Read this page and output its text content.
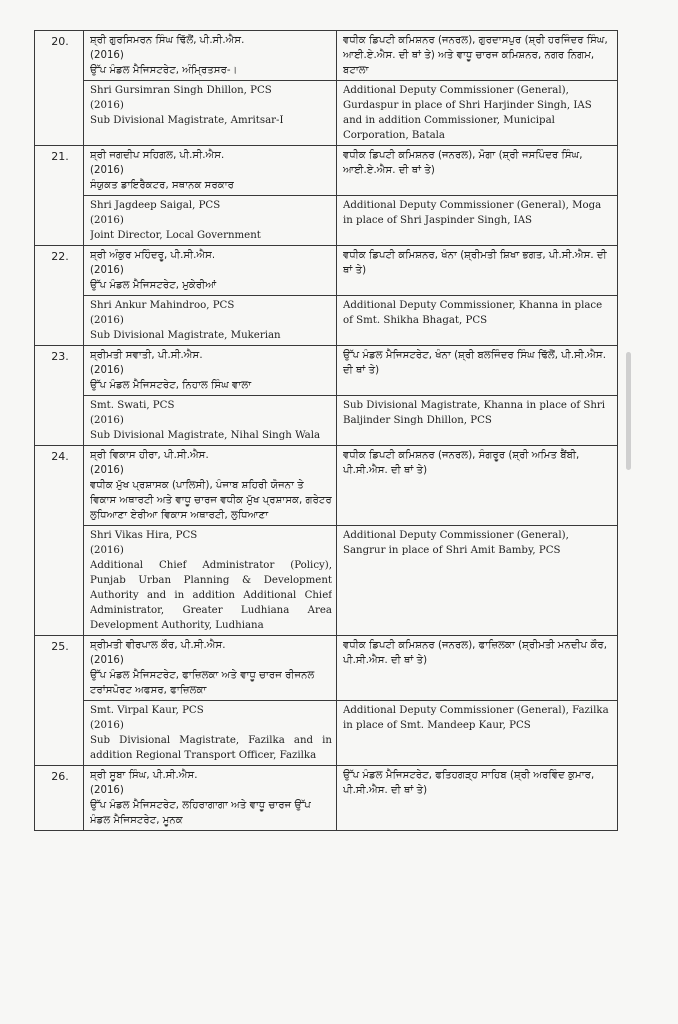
20.	ਸ਼੍ਰੀ ਗੁਰਸਿਮਰਨ ਸਿੰਘ ਢਿੱਲੋਂ, ਪੀ.ਸੀ.ਐਸ.
(2016)
ਉੱਪ ਮੰਡਲ ਮੈਜਿਸਟਰੇਟ, ਅੰਮ੍ਰਿਤਸਰ-।	ਵਧੀਕ ਡਿਪਟੀ ਕਮਿਸ਼ਨਰ (ਜਨਰਲ), ਗੁਰਦਾਸਪੁਰ (ਸ਼੍ਰੀ ਹਰਜਿੰਦਰ ਸਿੰਘ, ਆਈ.ਏ.ਐਸ. ਦੀ ਥਾਂ ਤੇ) ਅਤੇ ਵਾਧੂ ਚਾਰਜ ਕਮਿਸ਼ਨਰ, ਨਗਰ ਨਿਗਮ, ਬਟਾਲਾ

	Shri Gursimran Singh Dhillon, PCS
(2016)
Sub Divisional Magistrate, Amritsar-I	Additional Deputy Commissioner (General), Gurdaspur in place of Shri Harjinder Singh, IAS and in addition Commissioner, Municipal Corporation, Batala

21.	ਸ਼੍ਰੀ ਜਗਦੀਪ ਸਹਿਗਲ, ਪੀ.ਸੀ.ਐਸ.
(2016)
ਸੰਯੁਕਤ ਡਾਇਰੈਕਟਰ, ਸਥਾਨਕ ਸਰਕਾਰ	ਵਧੀਕ ਡਿਪਟੀ ਕਮਿਸ਼ਨਰ (ਜਨਰਲ), ਮੋਗਾ (ਸ਼੍ਰੀ ਜਸਪਿੰਦਰ ਸਿੰਘ, ਆਈ.ਏ.ਐਸ. ਦੀ ਥਾਂ ਤੇ)

	Shri Jagdeep Saigal, PCS
(2016)
Joint Director, Local Government	Additional Deputy Commissioner (General), Moga in place of Shri Jaspinder Singh, IAS

22.	ਸ਼੍ਰੀ ਅੰਕੁਰ ਮਹਿੰਦਰੂ, ਪੀ.ਸੀ.ਐਸ.
(2016)
ਉੱਪ ਮੰਡਲ ਮੈਜਿਸਟਰੇਟ, ਮੁਕੇਰੀਆਂ	ਵਧੀਕ ਡਿਪਟੀ ਕਮਿਸ਼ਨਰ, ਖੰਨਾ (ਸ਼੍ਰੀਮਤੀ ਸ਼ਿਖਾ ਭਗਤ, ਪੀ.ਸੀ.ਐਸ. ਦੀ ਥਾਂ ਤੇ)

	Shri Ankur Mahindroo, PCS
(2016)
Sub Divisional Magistrate, Mukerian	Additional Deputy Commissioner, Khanna in place of Smt. Shikha Bhagat, PCS

23.	ਸ਼੍ਰੀਮਤੀ ਸਵਾਤੀ, ਪੀ.ਸੀ.ਐਸ.
(2016)
ਉੱਪ ਮੰਡਲ ਮੈਜਿਸਟਰੇਟ, ਨਿਹਾਲ ਸਿੰਘ ਵਾਲਾ	ਉੱਪ ਮੰਡਲ ਮੈਜਿਸਟਰੇਟ, ਖੰਨਾ (ਸ਼੍ਰੀ ਬਲਜਿੰਦਰ ਸਿੰਘ ਢਿੱਲੋਂ, ਪੀ.ਸੀ.ਐਸ. ਦੀ ਥਾਂ ਤੇ)

	Smt. Swati, PCS
(2016)
Sub Divisional Magistrate, Nihal Singh Wala	Sub Divisional Magistrate, Khanna in place of Shri Baljinder Singh Dhillon, PCS

24.	ਸ਼੍ਰੀ ਵਿਕਾਸ ਹੀਰਾ, ਪੀ.ਸੀ.ਐਸ.
(2016)
ਵਧੀਕ ਮੁੱਖ ਪ੍ਰਸ਼ਾਸਕ (ਪਾਲਿਸੀ), ਪੰਜਾਬ ਸ਼ਹਿਰੀ ਯੋਜਨਾ ਤੇ ਵਿਕਾਸ ਅਥਾਰਟੀ ਅਤੇ ਵਾਧੂ ਚਾਰਜ ਵਧੀਕ ਮੁੱਖ ਪ੍ਰਸ਼ਾਸਕ, ਗਰੇਟਰ ਲੁਧਿਆਣਾ ਏਰੀਆ ਵਿਕਾਸ ਅਥਾਰਟੀ, ਲੁਧਿਆਣਾ	ਵਧੀਕ ਡਿਪਟੀ ਕਮਿਸ਼ਨਰ (ਜਨਰਲ), ਸੰਗਰੂਰ (ਸ਼੍ਰੀ ਅਮਿਤ ਬੈਂਬੀ, ਪੀ.ਸੀ.ਐਸ. ਦੀ ਥਾਂ ਤੇ)

	Shri Vikas Hira, PCS
(2016)
Additional Chief Administrator (Policy), Punjab Urban Planning & Development Authority and in addition Additional Chief Administrator, Greater Ludhiana Area Development Authority, Ludhiana	Additional Deputy Commissioner (General), Sangrur in place of Shri Amit Bamby, PCS

25.	ਸ਼੍ਰੀਮਤੀ ਵੀਰਪਾਲ ਕੌਰ, ਪੀ.ਸੀ.ਐਸ.
(2016)
ਉੱਪ ਮੰਡਲ ਮੈਜਿਸਟਰੇਟ, ਫਾਜ਼ਿਲਕਾ ਅਤੇ ਵਾਧੂ ਚਾਰਜ ਰੀਜਨਲ ਟਰਾਂਸਪੋਰਟ ਅਫਸਰ, ਫਾਜ਼ਿਲਕਾ	ਵਧੀਕ ਡਿਪਟੀ ਕਮਿਸ਼ਨਰ (ਜਨਰਲ), ਫਾਜ਼ਿਲਕਾ (ਸ਼੍ਰੀਮਤੀ ਮਨਦੀਪ ਕੌਰ, ਪੀ.ਸੀ.ਐਸ. ਦੀ ਥਾਂ ਤੇ)

	Smt. Virpal Kaur, PCS
(2016)
Sub Divisional Magistrate, Fazilka and in addition Regional Transport Officer, Fazilka	Additional Deputy Commissioner (General), Fazilka in place of Smt. Mandeep Kaur, PCS

26.	ਸ਼੍ਰੀ ਸੂਬਾ ਸਿੰਘ, ਪੀ.ਸੀ.ਐਸ.
(2016)
ਉੱਪ ਮੰਡਲ ਮੈਜਿਸਟਰੇਟ, ਲਹਿਰਾਗਾਗਾ ਅਤੇ ਵਾਧੂ ਚਾਰਜ ਉੱਪ ਮੰਡਲ ਮੈਜਿਸਟਰੇਟ, ਮੂਨਕ	ਉੱਪ ਮੰਡਲ ਮੈਜਿਸਟਰੇਟ, ਫਤਿਹਗੜ੍ਹ ਸਾਹਿਬ (ਸ਼੍ਰੀ ਅਰਵਿੰਦ ਕੁਮਾਰ, ਪੀ.ਸੀ.ਐਸ. ਦੀ ਥਾਂ ਤੇ)
